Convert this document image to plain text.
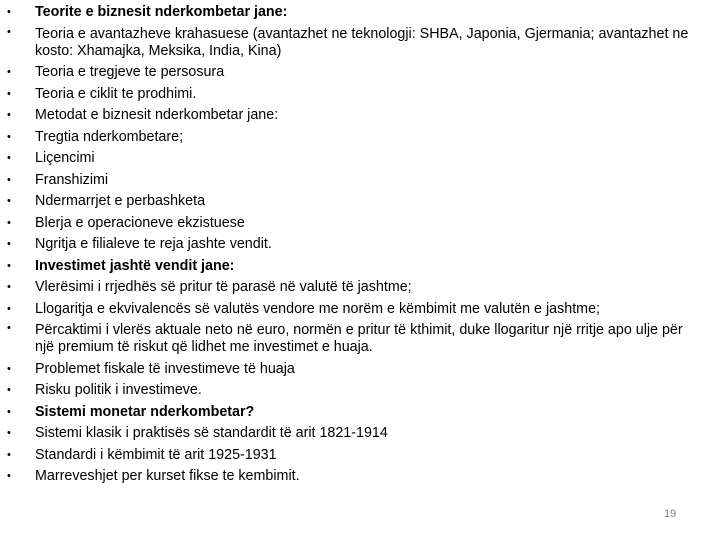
• Teorite e biznesit nderkombetar jane:
• Teoria e avantazheve krahasuese (avantazhet ne teknologji: SHBA, Japonia, Gjermania; avantazhet ne kosto: Xhamajka, Meksika, India, Kina)
• Teoria e tregjeve te persosura
• Teoria e ciklit te prodhimi.
• Metodat e biznesit nderkombetar jane:
• Tregtia nderkombetare;
• Liçencimi
• Franshizimi
• Ndermarrjet e perbashketa
• Blerja e operacioneve ekzistuese
• Ngritja e filialeve te reja jashte vendit.
• Investimet jashtë vendit jane:
• Vlerësimi i rrjedhës së pritur të parasë në valutë të jashtme;
• Llogaritja e ekvivalencës së valutës vendore me norëm e këmbimit me valutën e jashtme;
• Përcaktimi i vlerës aktuale neto në euro, normën e pritur të kthimit, duke llogaritur një rritje apo ulje për një premium të riskut që lidhet me investimet e huaja.
• Problemet fiskale të investimeve të huaja
• Risku politik i investimeve.
• Sistemi monetar nderkombetar?
• Sistemi klasik i praktisës së standardit të arit 1821-1914
• Standardi i këmbimit të arit 1925-1931
• Marreveshjet per kurset fikse te kembimit.
19
